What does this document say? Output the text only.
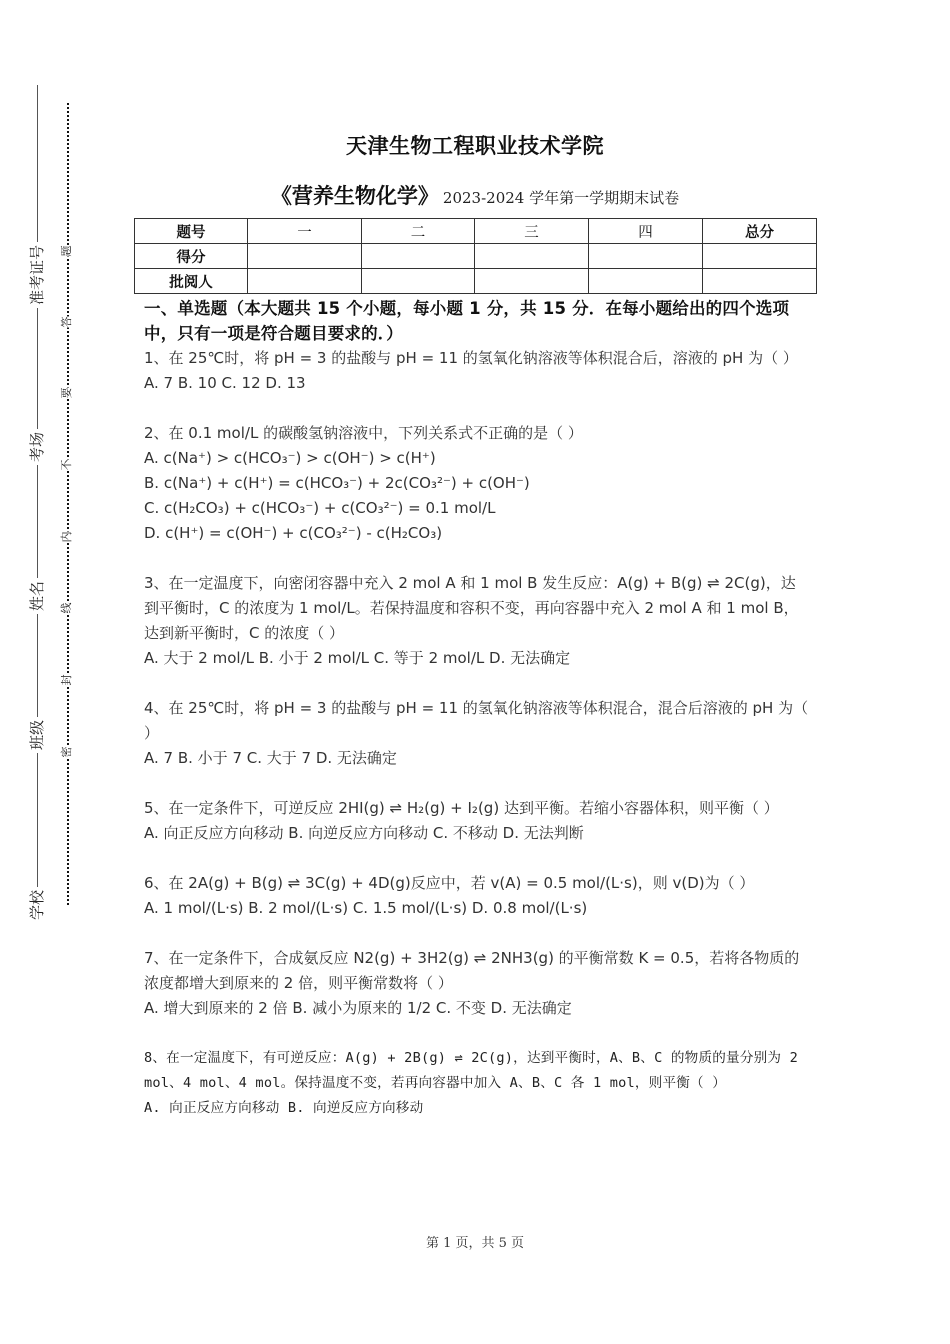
准考证号
考场
姓名
班级
学校
题
答
要
不
内
线
封
密
天津生物工程职业技术学院
《营养生物化学》 2023-2024 学年第一学期期末试卷
题号	一	二	三	四	总分
得分					
批阅人					

一、单选题（本大题共 15 个小题，每小题 1 分，共 15 分．在每小题给出的四个选项中，只有一项是符合题目要求的．）

1、在 25℃时，将 pH = 3 的盐酸与 pH = 11 的氢氧化钠溶液等体积混合后，溶液的 pH 为（ ）

A. 7 B. 10 C. 12 D. 13

2、在 0.1 mol/L 的碳酸氢钠溶液中，下列关系式不正确的是（ ）

A. c(Na⁺) > c(HCO₃⁻) > c(OH⁻) > c(H⁺)

B. c(Na⁺) + c(H⁺) = c(HCO₃⁻) + 2c(CO₃²⁻) + c(OH⁻)

C. c(H₂CO₃) + c(HCO₃⁻) + c(CO₃²⁻) = 0.1 mol/L

D. c(H⁺) = c(OH⁻) + c(CO₃²⁻) - c(H₂CO₃)

3、在一定温度下，向密闭容器中充入 2 mol A 和 1 mol B 发生反应：A(g) + B(g) ⇌ 2C(g)，达到平衡时，C 的浓度为 1 mol/L。若保持温度和容积不变，再向容器中充入 2 mol A 和 1 mol B，达到新平衡时，C 的浓度（ ）

A. 大于 2 mol/L B. 小于 2 mol/L C. 等于 2 mol/L D. 无法确定

4、在 25℃时，将 pH = 3 的盐酸与 pH = 11 的氢氧化钠溶液等体积混合，混合后溶液的 pH 为（ ）

A. 7 B. 小于 7 C. 大于 7 D. 无法确定

5、在一定条件下，可逆反应 2HI(g) ⇌ H₂(g) + I₂(g) 达到平衡。若缩小容器体积，则平衡（ ）

A. 向正反应方向移动 B. 向逆反应方向移动 C. 不移动 D. 无法判断

6、在 2A(g) + B(g) ⇌ 3C(g) + 4D(g)反应中，若 v(A) = 0.5 mol/(L·s)，则 v(D)为（ ）

A. 1 mol/(L·s) B. 2 mol/(L·s) C. 1.5 mol/(L·s) D. 0.8 mol/(L·s)

7、在一定条件下，合成氨反应 N2(g) + 3H2(g) ⇌ 2NH3(g) 的平衡常数 K = 0.5，若将各物质的浓度都增大到原来的 2 倍，则平衡常数将（ ）

A. 增大到原来的 2 倍 B. 减小为原来的 1/2 C. 不变 D. 无法确定

8、在一定温度下，有可逆反应：A(g) + 2B(g) ⇌ 2C(g)，达到平衡时，A、B、C 的物质的量分别为 2 mol、4 mol、4 mol。保持温度不变，若再向容器中加入 A、B、C 各 1 mol，则平衡（ ）

A. 向正反应方向移动 B. 向逆反应方向移动

第 1 页，共 5 页
